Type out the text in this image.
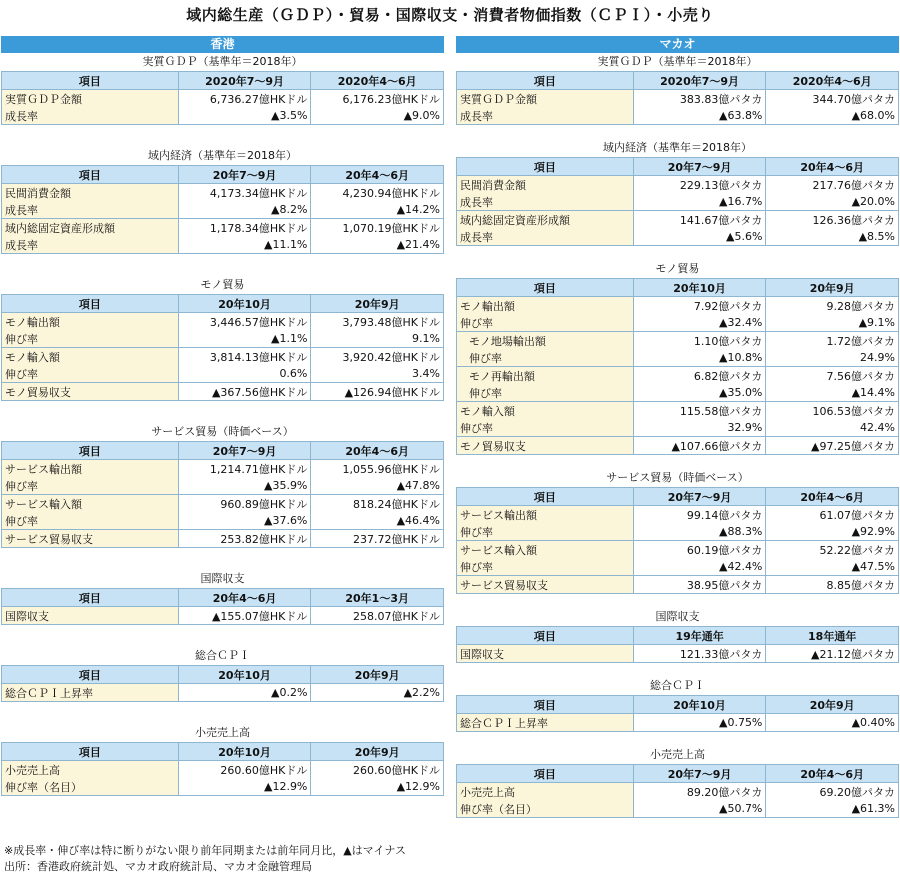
域内総生産（ＧＤＰ）・貿易・国際収支・消費者物価指数（ＣＰＩ）・小売り
香港
実質ＧＤＰ（基準年＝2018年）
項目	2020年7～9月	2020年4～6月
実質ＧＤＰ金額	6,736.27億HKドル	6,176.23億HKドル
成長率	▲3.5%	▲9.0%
域内経済（基準年＝2018年）
項目	20年7～9月	20年4～6月
民間消費金額	4,173.34億HKドル	4,230.94億HKドル
成長率	▲8.2%	▲14.2%
域内総固定資産形成額	1,178.34億HKドル	1,070.19億HKドル
成長率	▲11.1%	▲21.4%
モノ貿易
項目	20年10月	20年9月
モノ輸出額	3,446.57億HKドル	3,793.48億HKドル
伸び率	▲1.1%	9.1%
モノ輸入額	3,814.13億HKドル	3,920.42億HKドル
伸び率	0.6%	3.4%
モノ貿易収支	▲367.56億HKドル	▲126.94億HKドル
サービス貿易（時価ベース）
項目	20年7～9月	20年4～6月
サービス輸出額	1,214.71億HKドル	1,055.96億HKドル
伸び率	▲35.9%	▲47.8%
サービス輸入額	960.89億HKドル	818.24億HKドル
伸び率	▲37.6%	▲46.4%
サービス貿易収支	253.82億HKドル	237.72億HKドル
国際収支
項目	20年4～6月	20年1～3月
国際収支	▲155.07億HKドル	258.07億HKドル
総合ＣＰＩ
項目	20年10月	20年9月
総合ＣＰＩ上昇率	▲0.2%	▲2.2%
小売売上高
項目	20年10月	20年9月
小売売上高	260.60億HKドル	260.60億HKドル
伸び率（名目）	▲12.9%	▲12.9%
マカオ
実質ＧＤＰ（基準年＝2018年）
項目	2020年7～9月	2020年4～6月
実質ＧＤＰ金額	383.83億パタカ	344.70億パタカ
成長率	▲63.8%	▲68.0%
域内経済（基準年＝2018年）
項目	20年7～9月	20年4～6月
民間消費金額	229.13億パタカ	217.76億パタカ
成長率	▲16.7%	▲20.0%
域内総固定資産形成額	141.67億パタカ	126.36億パタカ
成長率	▲5.6%	▲8.5%
モノ貿易
項目	20年10月	20年9月
モノ輸出額	7.92億パタカ	9.28億パタカ
伸び率	▲32.4%	▲9.1%
モノ地場輸出額	1.10億パタカ	1.72億パタカ
伸び率	▲10.8%	24.9%
モノ再輸出額	6.82億パタカ	7.56億パタカ
伸び率	▲35.0%	▲14.4%
モノ輸入額	115.58億パタカ	106.53億パタカ
伸び率	32.9%	42.4%
モノ貿易収支	▲107.66億パタカ	▲97.25億パタカ
サービス貿易（時価ベース）
項目	20年7～9月	20年4～6月
サービス輸出額	99.14億パタカ	61.07億パタカ
伸び率	▲88.3%	▲92.9%
サービス輸入額	60.19億パタカ	52.22億パタカ
伸び率	▲42.4%	▲47.5%
サービス貿易収支	38.95億パタカ	8.85億パタカ
国際収支
項目	19年通年	18年通年
国際収支	121.33億パタカ	▲21.12億パタカ
総合ＣＰＩ
項目	20年10月	20年9月
総合ＣＰＩ上昇率	▲0.75%	▲0.40%
小売売上高
項目	20年7～9月	20年4～6月
小売売上高	89.20億パタカ	69.20億パタカ
伸び率（名目）	▲50.7%	▲61.3%
※成長率・伸び率は特に断りがない限り前年同期または前年同月比，▲はマイナス
出所：香港政府統計処、マカオ政府統計局、マカオ金融管理局
